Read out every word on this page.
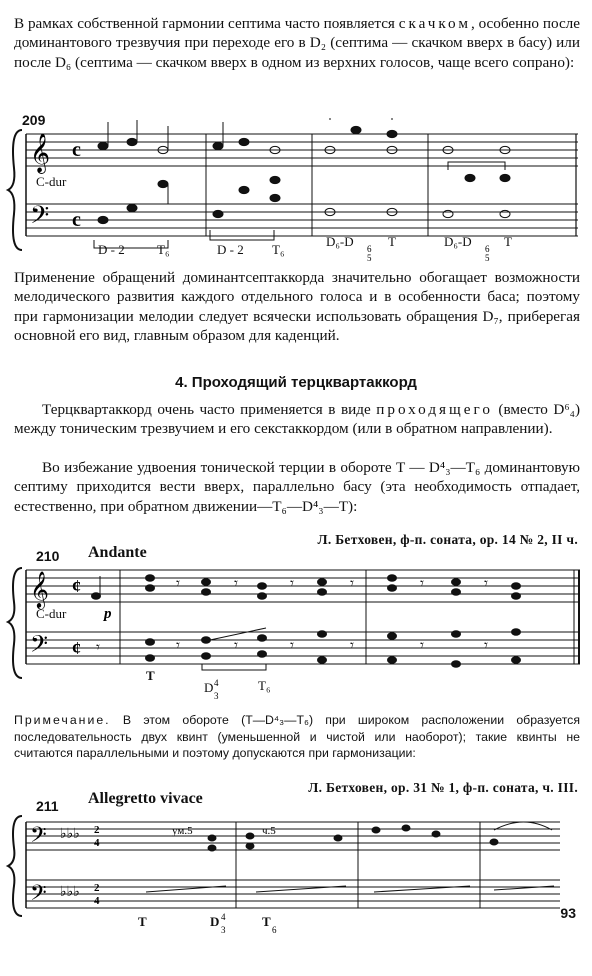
В рамках собственной гармонии септима часто появляется скачком, особенно после доминантового трезвучия при переходе его в D₂ (септима — скачком вверх в басу) или после D₆ (септима — скачком вверх в одном из верхних голосов, чаще всего сопрано):

209
𝄞
𝄢
c
c
C-dur
D - 2 T₆	D - 2 T₆
D₆-D	T	D₆-D T
6
5
6
5

Применение обращений доминантсептаккорда значительно обогащает возможности мелодического развития каждого отдельного голоса и в особенности баса; поэтому при гармонизации мелодии следует всячески использовать обращения D₇, приберегая основной его вид, главным образом для каденций.

4. Проходящий терцквартаккорд

Терцквартаккорд очень часто применяется в виде проходящего (вместо D⁶₄) между тоническим трезвучием и его секстаккордом (или в обратном направлении).

Во избежание удвоения тонической терции в обороте T — D⁴₃—T₆ доминантовую септиму приходится вести вверх, параллельно басу (эта необходимость отпадает, естественно, при обратном движении—T₆—D⁴₃—T):

Л. Бетховен, ф-п. соната, ор. 14 № 2, II ч.
210 Andante
𝄞
𝄢
¢
¢
C-dur	p
𝄾	𝄾	𝄾	𝄾	𝄾	𝄾
𝄾	𝄾	𝄾	𝄾	𝄾	𝄾
𝄾
T
D 4
3
T₆
Примечание. В этом обороте (T—D⁴₃—T₆) при широком расположении образуется последовательность двух квинт (уменьшенной и чистой или наоборот); такие квинты не считаются параллельными и поэтому допускаются при гармонизации:
Л. Бетховен, ор. 31 № 1, ф-п. соната, ч. III.
211 Allegretto vivace
𝄢
𝄢
♭♭♭
♭♭♭
2
4
2
4
ум.5	ч.5
T	D 4
3
T
6
93
